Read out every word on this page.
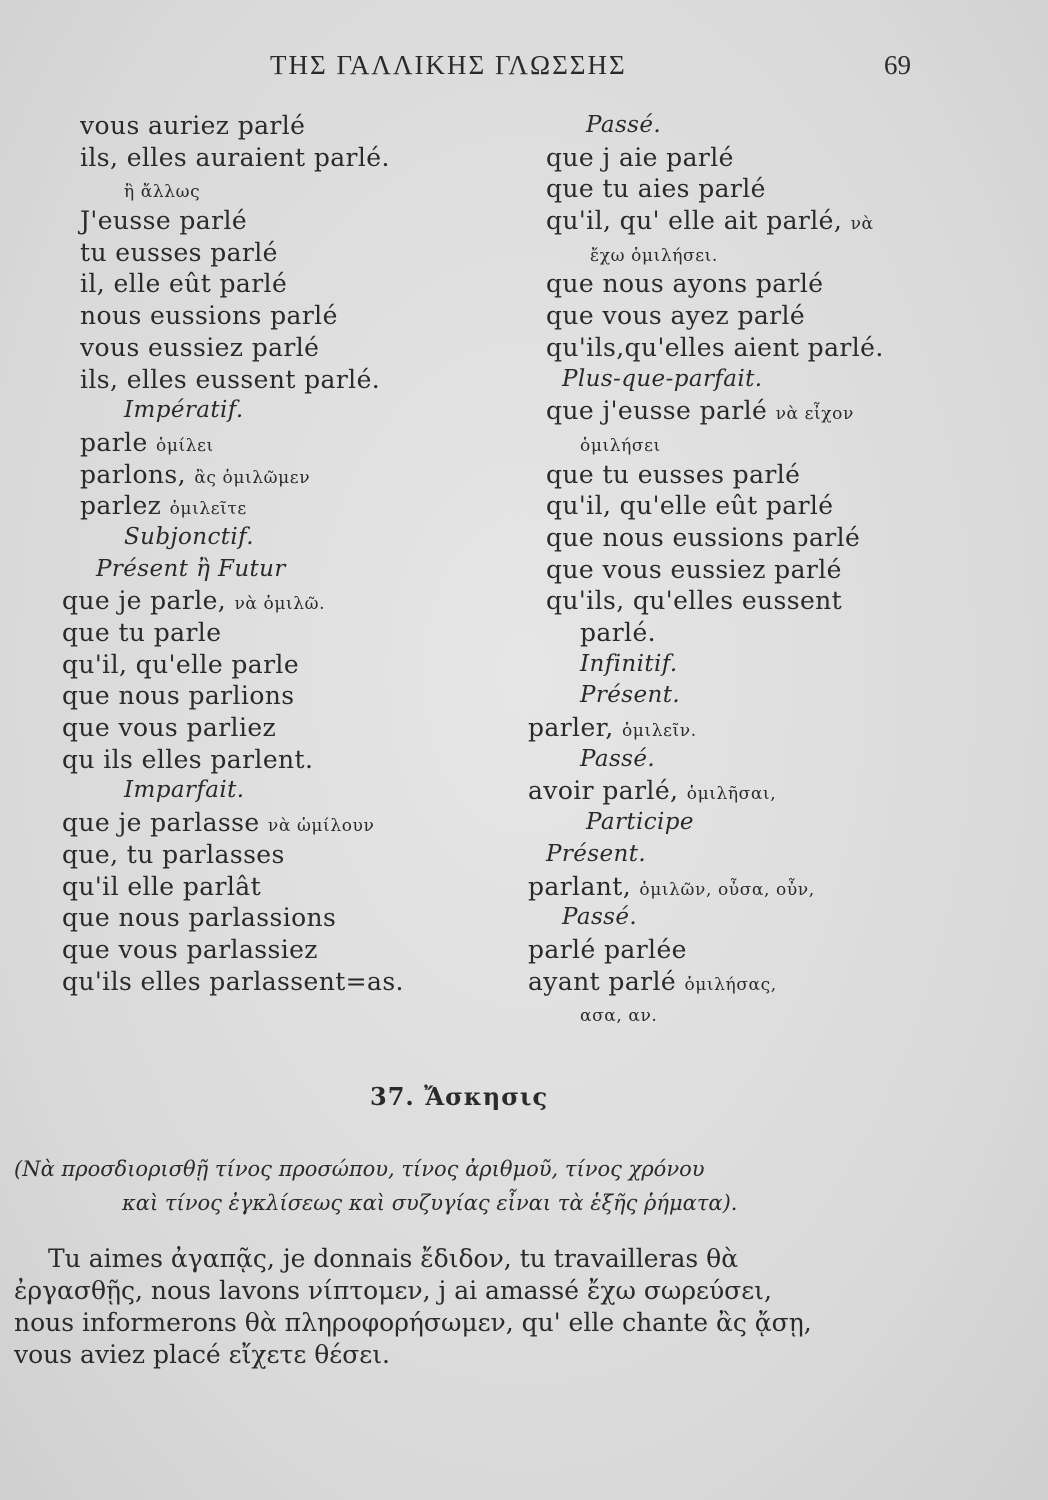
ΤΗΣ ΓΑΛΛΙΚΗΣ ΓΛΩΣΣΗΣ	69
vous auriez parlé
ils, elles auraient parlé.
ἢ ἄλλως
J'eusse parlé
tu eusses parlé
il, elle eût parlé
nous eussions parlé
vous eussiez parlé
ils, elles eussent parlé.
Impératif.
parle ὁμίλει
parlons, ἂς ὁμιλῶμεν
parlez ὁμιλεῖτε
Subjonctif.
Présent ἢ Futur
que je parle, νὰ ὁμιλῶ.
que tu parle
qu'il, qu'elle parle
que nous parlions
que vous parliez
qu ils elles parlent.
Imparfait.
que je parlasse νὰ ὡμίλουν
que, tu parlasses
qu'il elle parlât
que nous parlassions
que vous parlassiez
qu'ils elles parlassent=as.
Passé.
que j aie parlé
que tu aies parlé
qu'il, qu' elle ait parlé, νὰ
ἔχω ὁμιλήσει.
que nous ayons parlé
que vous ayez parlé
qu'ils,qu'elles aient parlé.
Plus-que-parfait.
que j'eusse parlé νὰ εἶχον
ὁμιλήσει
que tu eusses parlé
qu'il, qu'elle eût parlé
que nous eussions parlé
que vous eussiez parlé
qu'ils, qu'elles eussent
parlé.
Infinitif.
Présent.
parler, ὁμιλεῖν.
Passé.
avoir parlé, ὁμιλῆσαι,
Participe
Présent.
parlant, ὁμιλῶν, οὖσα, οὖν,
Passé.
parlé parlée
ayant parlé ὁμιλήσας,
ασα, αν.
37. Ἄσκησις
(Νὰ προσδιορισθῇ τίνος προσώπου, τίνος ἀριθμοῦ, τίνος χρόνου
καὶ τίνος ἐγκλίσεως καὶ συζυγίας εἶναι τὰ ἑξῆς ῥήματα).
Tu aimes ἀγαπᾷς, je donnais ἔδιδον, tu travailleras θὰ
ἐργασθῇς, nous lavons νίπτομεν, j ai amassé ἔχω σωρεύσει,
nous informerons θὰ πληροφορήσωμεν, qu' elle chante ἂς ᾄσῃ,
vous aviez placé εἴχετε θέσει.
